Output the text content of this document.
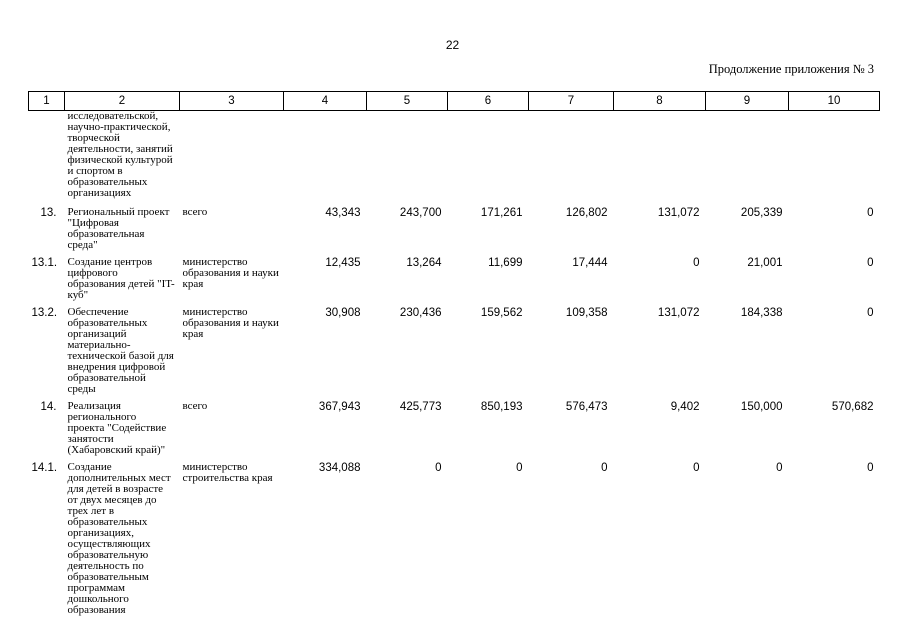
22
Продолжение приложения № 3
1	2	3	4	5	6	7	8	9	10
	исследовательской, научно-практической, творческой деятельности, занятий физической культурой и спортом в образовательных организациях								
13.	Региональный проект "Цифровая образовательная среда"	всего	43,343	243,700	171,261	126,802	131,072	205,339	0
13.1.	Создание центров цифрового образования детей "IT-куб"	министерство образования и науки края	12,435	13,264	11,699	17,444	0	21,001	0
13.2.	Обеспечение образовательных организаций материально-технической базой для внедрения цифровой образовательной среды	министерство образования и науки края	30,908	230,436	159,562	109,358	131,072	184,338	0
14.	Реализация регионального проекта "Содействие занятости (Хабаровский край)"	всего	367,943	425,773	850,193	576,473	9,402	150,000	570,682
14.1.	Создание дополнительных мест для детей в возрасте от двух месяцев до трех лет в образовательных организациях, осуществляющих образовательную деятельность по образовательным программам дошкольного образования	министерство строительства края	334,088	0	0	0	0	0	0
